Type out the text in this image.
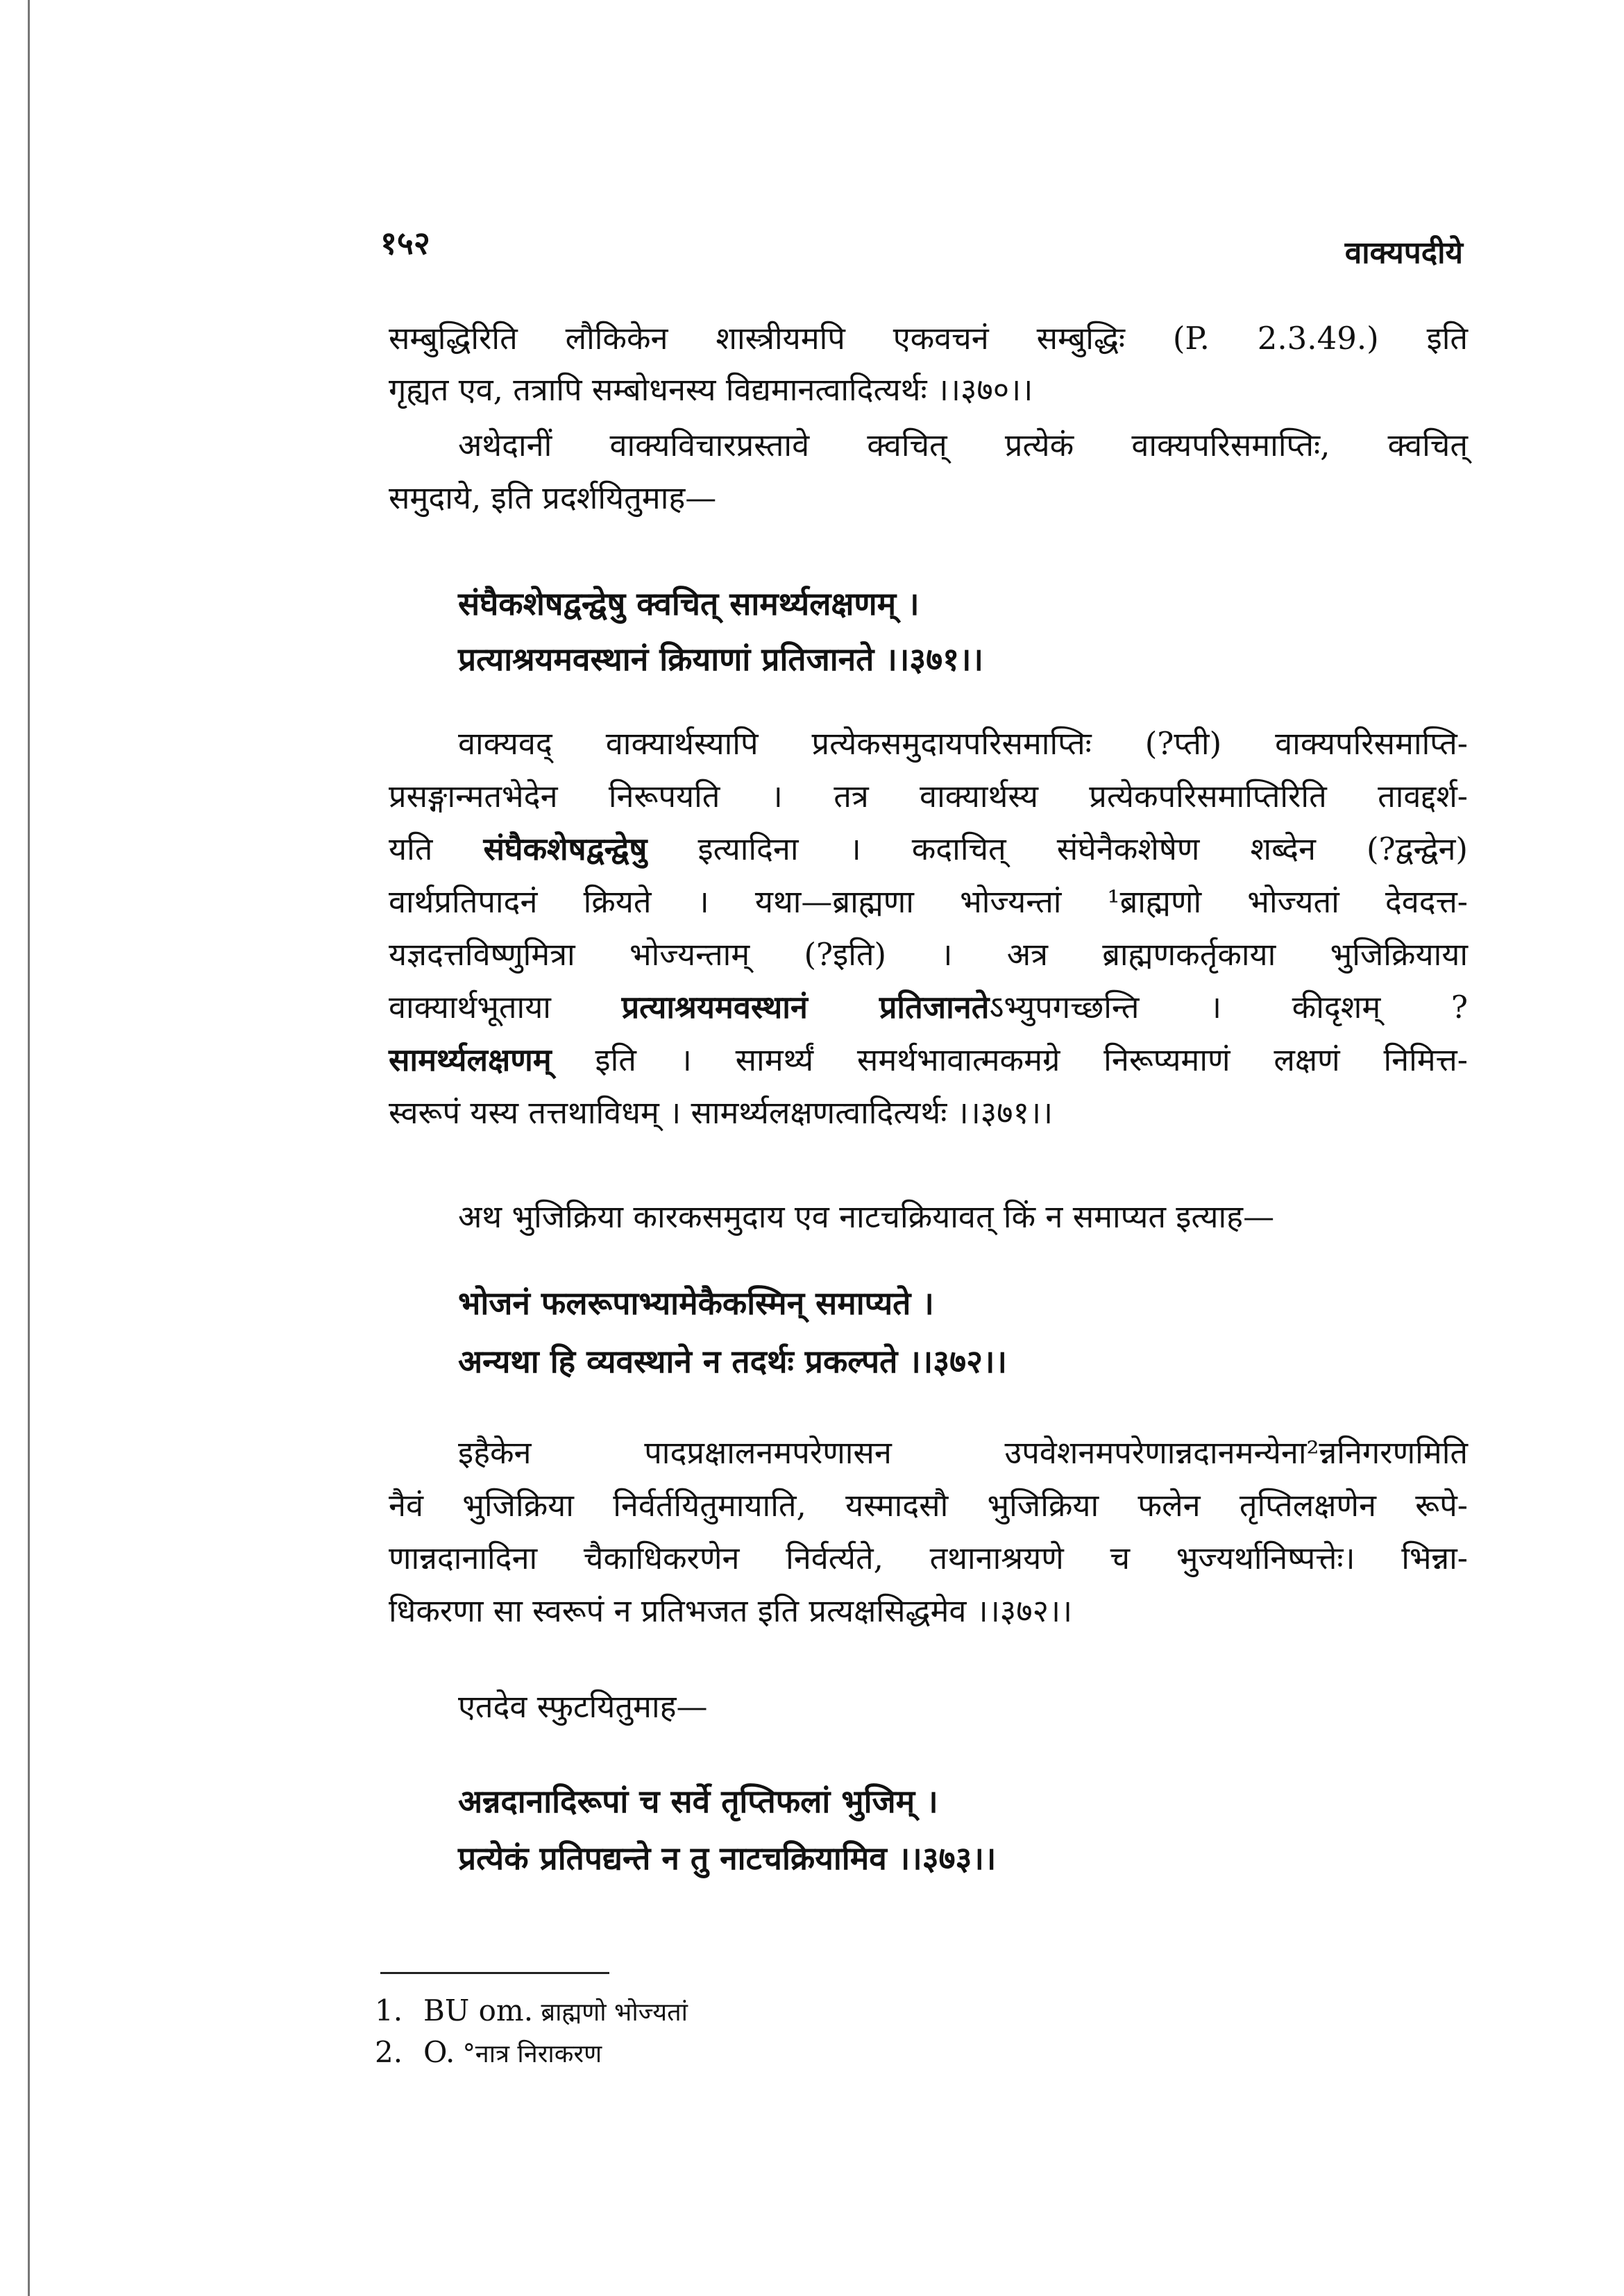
१५२	वाक्यपदीये
सम्बुद्धिरिति लौकिकेन शास्त्रीयमपि एकवचनं सम्बुद्धिः (P. 2.3.49.) इति
गृह्यत एव, तत्रापि सम्बोधनस्य विद्यमानत्वादित्यर्थः ।।३७०।।
अथेदानीं वाक्यविचारप्रस्तावे क्वचित् प्रत्येकं वाक्यपरिसमाप्तिः, क्वचित्
समुदाये, इति प्रदर्शयितुमाह—
संघैकशेषद्वन्द्वेषु क्वचित् सामर्थ्यलक्षणम् ।
प्रत्याश्रयमवस्थानं क्रियाणां प्रतिजानते ।।३७१।।
वाक्यवद् वाक्यार्थस्यापि प्रत्येकसमुदायपरिसमाप्तिः (?प्ती) वाक्यपरिसमाप्ति-
प्रसङ्गान्मतभेदेन निरूपयति । तत्र वाक्यार्थस्य प्रत्येकपरिसमाप्तिरिति तावद्दर्श-
यति संघैकशेषद्वन्द्वेषु इत्यादिना । कदाचित् संघेनैकशेषेण शब्देन (?द्वन्द्वेन)
वार्थप्रतिपादनं क्रियते । यथा—ब्राह्मणा भोज्यन्तां ¹ब्राह्मणो भोज्यतां देवदत्त-
यज्ञदत्तविष्णुमित्रा भोज्यन्ताम् (?इति) । अत्र ब्राह्मणकर्तृकाया भुजिक्रियाया
वाक्यार्थभूताया प्रत्याश्रयमवस्थानं प्रतिजानतेऽभ्युपगच्छन्ति । कीदृशम् ?
सामर्थ्यलक्षणम् इति । सामर्थ्यं समर्थभावात्मकमग्रे निरूप्यमाणं लक्षणं निमित्त-
स्वरूपं यस्य तत्तथाविधम् । सामर्थ्यलक्षणत्वादित्यर्थः ।।३७१।।
अथ भुजिक्रिया कारकसमुदाय एव नाटचक्रियावत् किं न समाप्यत इत्याह—
भोजनं फलरूपाभ्यामेकैकस्मिन् समाप्यते ।
अन्यथा हि व्यवस्थाने न तदर्थः प्रकल्पते ।।३७२।।
इहैकेन पादप्रक्षालनमपरेणासन उपवेशनमपरेणान्नदानमन्येना²न्ननिगरणमिति
नैवं भुजिक्रिया निर्वर्तयितुमायाति, यस्मादसौ भुजिक्रिया फलेन तृप्तिलक्षणेन रूपे-
णान्नदानादिना चैकाधिकरणेन निर्वर्त्यते, तथानाश्रयणे च भुज्यर्थानिष्पत्तेः। भिन्ना-
धिकरणा सा स्वरूपं न प्रतिभजत इति प्रत्यक्षसिद्धमेव ।।३७२।।
एतदेव स्फुटयितुमाह—
अन्नदानादिरूपां च सर्वे तृप्तिफलां भुजिम् ।
प्रत्येकं प्रतिपद्यन्ते न तु नाटचक्रियामिव ।।३७३।।
1. BU om. ब्राह्मणो भोज्यतां
2. O. °नात्र निराकरण
